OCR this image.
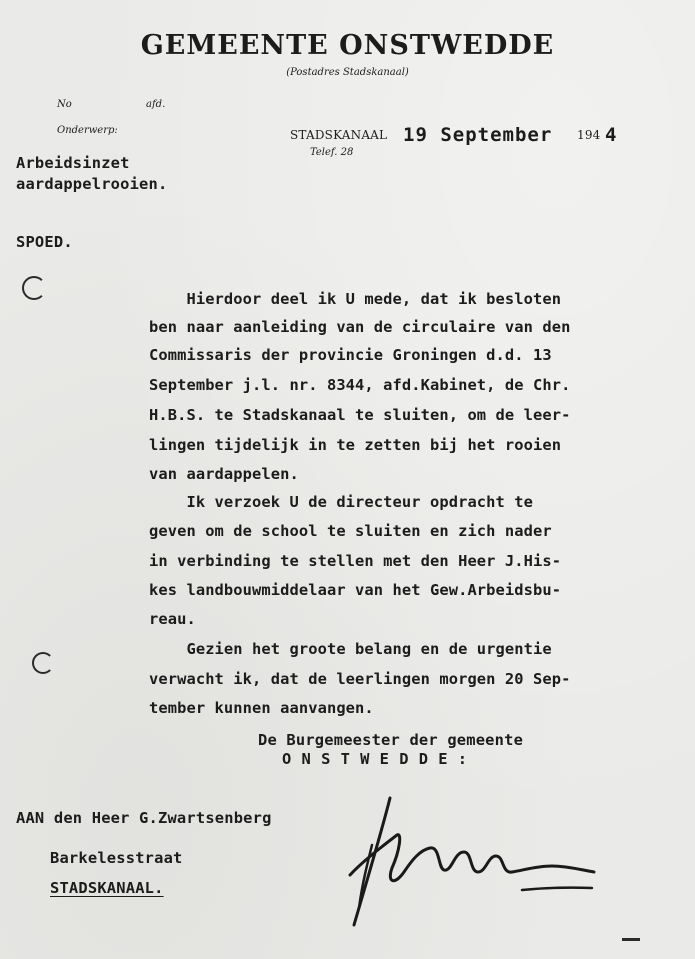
GEMEENTE ONSTWEDDE
(Postadres Stadskanaal)
No	afd.
Onderwerp:	STADSKANAAL 19 September 194 4
Telef. 28
Arbeidsinzet
aardappelrooien.
SPOED.
Hierdoor deel ik U mede, dat ik besloten
ben naar aanleiding van de circulaire van den
Commissaris der provincie Groningen d.d. 13
September j.l. nr. 8344, afd.Kabinet, de Chr.
H.B.S. te Stadskanaal te sluiten, om de leer-
lingen tijdelijk in te zetten bij het rooien
van aardappelen.
Ik verzoek U de directeur opdracht te
geven om de school te sluiten en zich nader
in verbinding te stellen met den Heer J.His-
kes landbouwmiddelaar van het Gew.Arbeidsbu-
reau.
Gezien het groote belang en de urgentie
verwacht ik, dat de leerlingen morgen 20 Sep-
tember kunnen aanvangen.
De Burgemeester der gemeente
O N S T W E D D E :
AAN den Heer G.Zwartsenberg
Barkelesstraat
STADSKANAAL.
